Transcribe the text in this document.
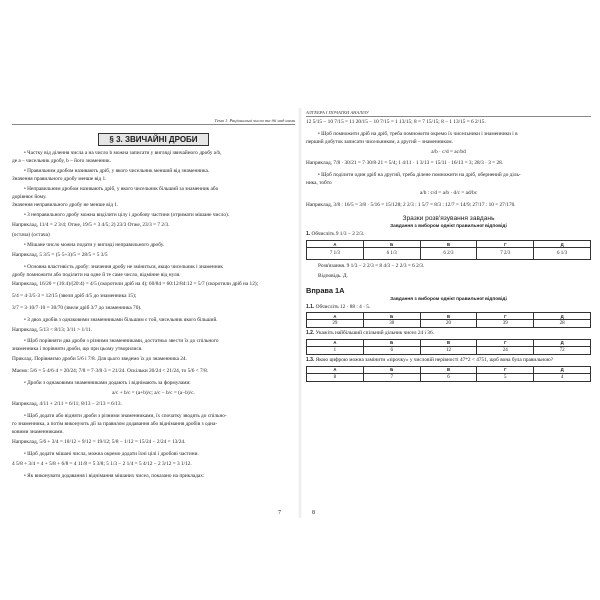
Тема 1. Раціональні числа та дії над ними
§ 3. ЗВИЧАЙНІ ДРОБИ

• Частку від ділення числа a на число b можна записати у вигляді звичайного дробу a/b,

де a – чисельник дробу, b – його знаменник.

• Правильним дробом називають дріб, у якого чисельник менший від знаменника.

Значення правильного дробу менше від 1.

• Неправильним дробом називають дріб, у якого чисельник більший за знаменник або

дорівнює йому.

Значення неправильного дробу не менше від 1.

• З неправильного дробу можна виділити цілу і дробову частини (отримати мішане число).

Наприклад, 11/4 = 2 3/4; Отже, 19/5 = 3 4/5; 2) 23/3 Отже, 23/3 = 7 2/3.

(остача) (остача)

• Мішане число можна подати у вигляді неправильного дробу.

Наприклад, 5 3/5 = (5·5+3)/5 = 28/5 = 5 3/5

• Основна властивість дробу: значення дробу не зміниться, якщо чисельник і знаменник

дробу помножити або поділити на одне й те саме число, відмінне від нуля.

Наприклад, 16/20 = (16:4)/(20:4) = 4/5 (скоротили дріб на 4); 60/84 = 60:12/84:12 = 5/7 (скоротили дріб на 12);

5/4 = 4·3/5·3 = 12/15 (звели дріб 4/5 до знаменника 15);

3/7 = 3·10/7·10 = 30/70 (звели дріб 3/7 до знаменника 70).

• З двох дробів з однаковими знаменниками більшим є той, чисельник якого більший.

Наприклад, 5/13 < 8/13; 3/11 > 1/11.

• Щоб порівняти два дроби з різними знаменниками, достатньо звести їх до спільного

знаменника і порівняти дроби, що при цьому утворилися.

Приклад. Порівняємо дроби 5/6 і 7/8. Для цього зведемо їх до знаменника 24.

Маємо: 5/6 = 5·4/6·4 = 20/24; 7/8 = 7·3/8·3 = 21/24. Оскільки 20/24 < 21/24, то 5/6 < 7/8.

• Дроби з однаковими знаменниками додають і віднімають за формулами:

a/c + b/c = (a+b)/c; a/c − b/c = (a−b)/c.

Наприклад, 4/11 + 2/11 = 6/11; 8/13 − 2/13 = 6/13.

• Щоб додати або відняти дроби з різними знаменниками, їх спочатку зводять до спільно-

го знаменника, а потім виконують дії за правилом додавання або віднімання дробів з одна-

ковими знаменниками.

Наприклад, 5/6 + 3/4 = 10/12 + 9/12 = 19/12; 5/8 − 1/12 = 15/24 − 2/24 = 13/24.

• Щоб додати мішані числа, можна окремо додати їхні цілі і дробові частини.

4 5/8 + 3/4 = 4 + 5/8 + 6/8 = 4 11/8 = 5 3/8; 5 1/3 − 2 1/4 = 5 4/12 − 2 3/12 = 3 1/12.

• Як виконувати додавання і віднімання мішаних чисел, показано на прикладах:

7
АЛГЕБРА І ПОЧАТКИ АНАЛІЗУ

12 5/15 − 10 7/15 = 11 20/15 − 10 7/15 = 1 13/15; 8 = 7 15/15; 8 − 1 13/15 = 6 2/15.

• Щоб помножити дріб на дріб, треба помножити окремо їх чисельники і знаменники і в

перший добуток записати чисельником, а другий – знаменником.

a/b · c/d = ac/bd

Наприклад, 7/8 · 30/21 = 7·30/8·21 = 5/4; 1 4/11 · 1 3/13 = 15/11 · 16/13 = 3; 28/3 · 3 = 28.

• Щоб поділити один дріб на другий, треба ділене помножити на дріб, обернений до діль-

ника, тобто

a/b : c/d = a/b · d/c = ad/bc

Наприклад, 3/8 : 16/5 = 3/8 · 5/16 = 15/128; 2 2/3 : 1 5/7 = 8/3 : 12/7 = 14/9; 27/17 : 10 = 27/170.

Зразки розв'язування завдань
Завдання з вибором однієї правильної відповіді

1. Обчисліть 9 1/3 − 2 2/3.

А	Б	В	Г	Д
7 1/3	6 1/3	6 2/3	7 2/3	6 1/3

Розв'язання. 9 1/3 − 2 2/3 = 8 4/3 − 2 2/3 = 6 2/3.

Відповідь. Д.

Вправа 1А
Завдання з вибором однієї правильної відповіді

1.1. Обчисліть 12 · 88 : 4 · 5.

А	Б	В	Г	Д
29	30	20	39	28

1.2. Укажіть найбільший спільний дільник чисел 24 і 36.

А	Б	В	Г	Д
1	6	12	24	72

1.3. Якою цифрою можна замінити «зірочку» у числовій нерівності 47*2 < 4751, щоб вона була правильною?

А	Б	В	Г	Д
8	7	6	5	4
8
